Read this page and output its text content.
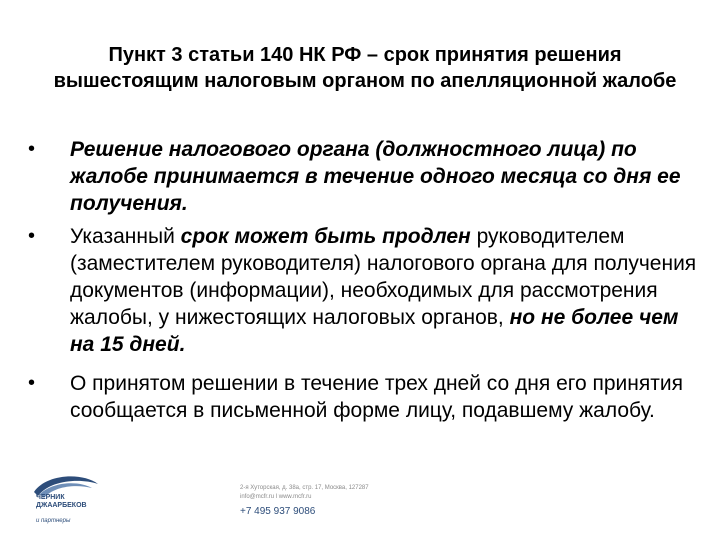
Пункт 3 статьи 140 НК РФ – срок принятия решения вышестоящим налоговым органом по апелляционной жалобе
•	Решение налогового органа (должностного лица) по жалобе принимается в течение одного месяца со дня ее получения.
•	Указанный срок может быть продлен руководителем (заместителем руководителя) налогового органа для получения документов (информации), необходимых для рассмотрения жалобы, у нижестоящих налоговых органов, но не более чем на 15 дней.
•	О принятом решении в течение трех дней со дня его принятия сообщается в письменной форме лицу, подавшему жалобу.
ЧЕРНИК
ДЖААРБЕКОВ
и партнеры
2-я Хуторская, д. 38а, стр. 17, Москва, 127287
info@mcfr.ru l www.mcfr.ru
+7 495 937 9086
